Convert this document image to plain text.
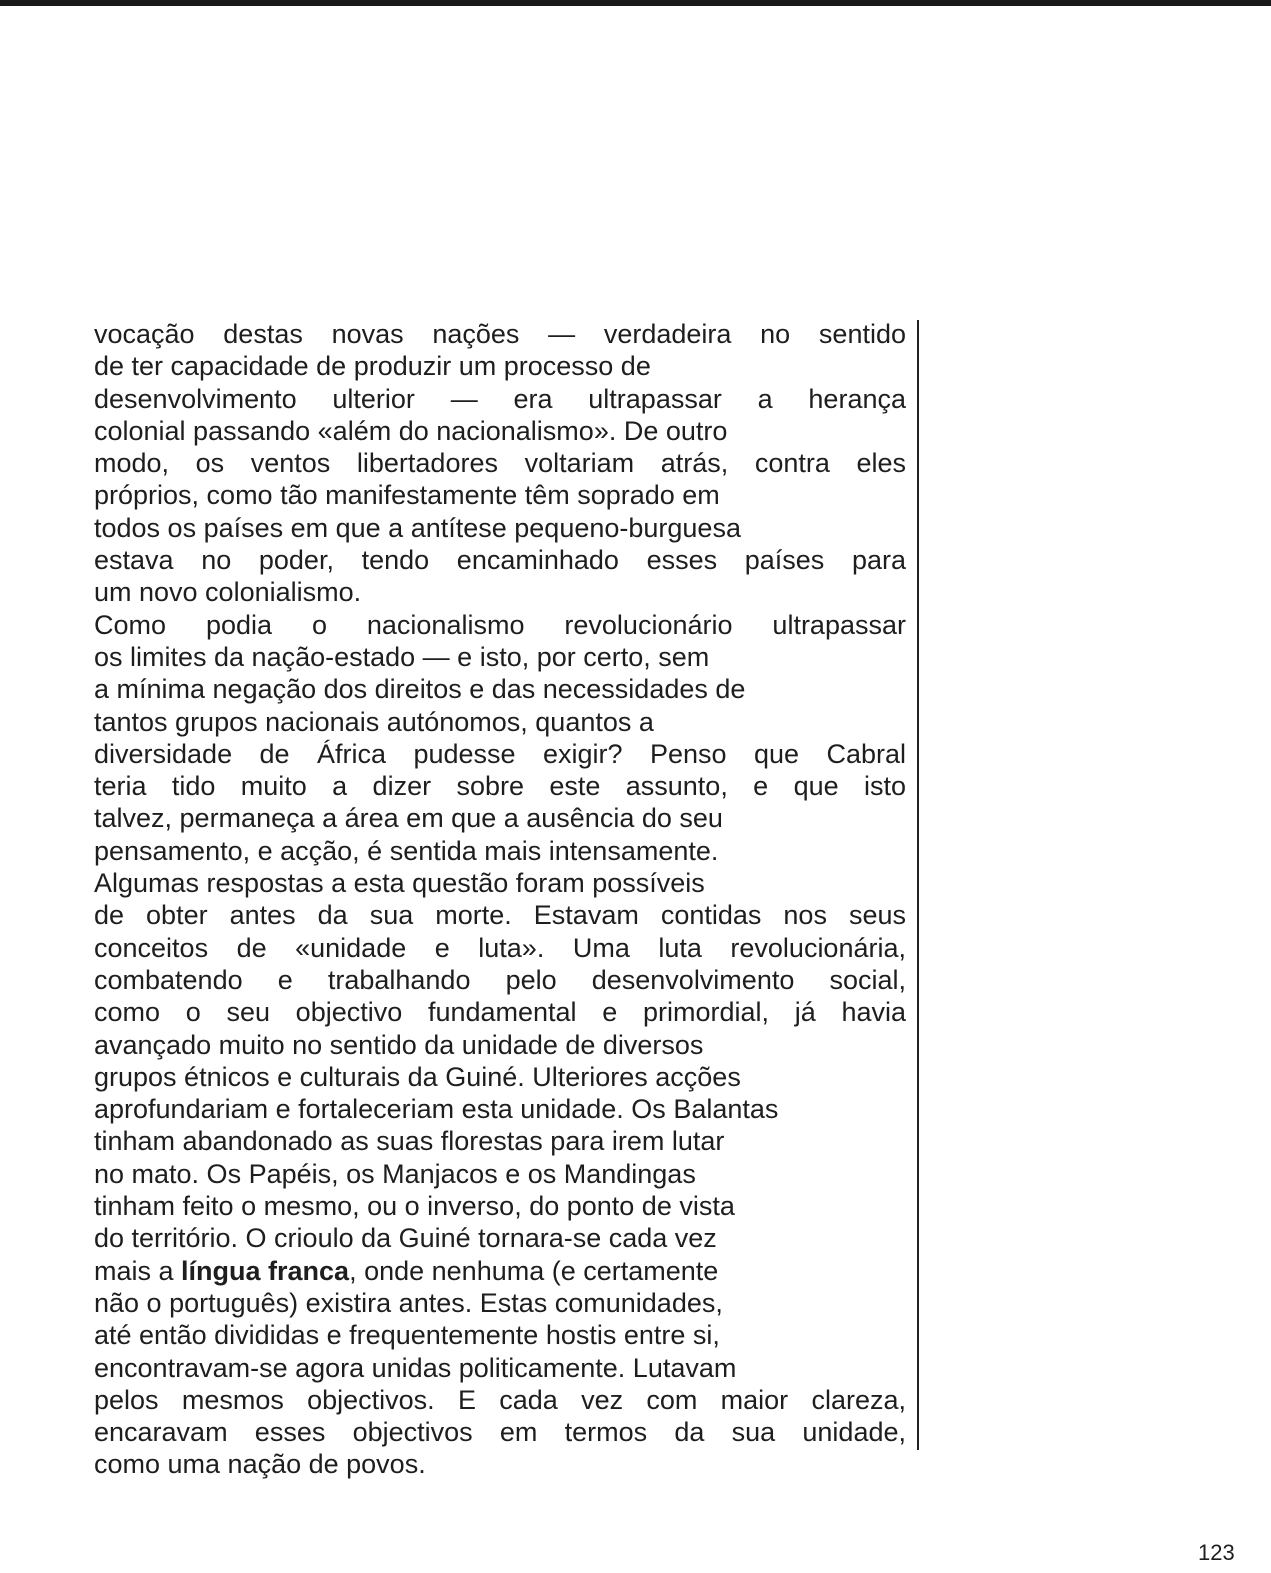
vocação destas novas nações — verdadeira no sentido
de ter capacidade de produzir um processo de
desenvolvimento ulterior — era ultrapassar a herança
colonial passando «além do nacionalismo». De outro
modo, os ventos libertadores voltariam atrás, contra eles
próprios, como tão manifestamente têm soprado em
todos os países em que a antítese pequeno-burguesa
estava no poder, tendo encaminhado esses países para
um novo colonialismo.
Como podia o nacionalismo revolucionário ultrapassar
os limites da nação-estado — e isto, por certo, sem
a mínima negação dos direitos e das necessidades de
tantos grupos nacionais autónomos, quantos a
diversidade de África pudesse exigir? Penso que Cabral
teria tido muito a dizer sobre este assunto, e que isto
talvez, permaneça a área em que a ausência do seu
pensamento, e acção, é sentida mais intensamente.
Algumas respostas a esta questão foram possíveis
de obter antes da sua morte. Estavam contidas nos seus
conceitos de «unidade e luta». Uma luta revolucionária,
combatendo e trabalhando pelo desenvolvimento social,
como o seu objectivo fundamental e primordial, já havia
avançado muito no sentido da unidade de diversos
grupos étnicos e culturais da Guiné. Ulteriores acções
aprofundariam e fortaleceriam esta unidade. Os Balantas
tinham abandonado as suas florestas para irem lutar
no mato. Os Papéis, os Manjacos e os Mandingas
tinham feito o mesmo, ou o inverso, do ponto de vista
do território. O crioulo da Guiné tornara-se cada vez
mais a língua franca, onde nenhuma (e certamente
não o português) existira antes. Estas comunidades,
até então divididas e frequentemente hostis entre si,
encontravam-se agora unidas politicamente. Lutavam
pelos mesmos objectivos. E cada vez com maior clareza,
encaravam esses objectivos em termos da sua unidade,
como uma nação de povos.
123
